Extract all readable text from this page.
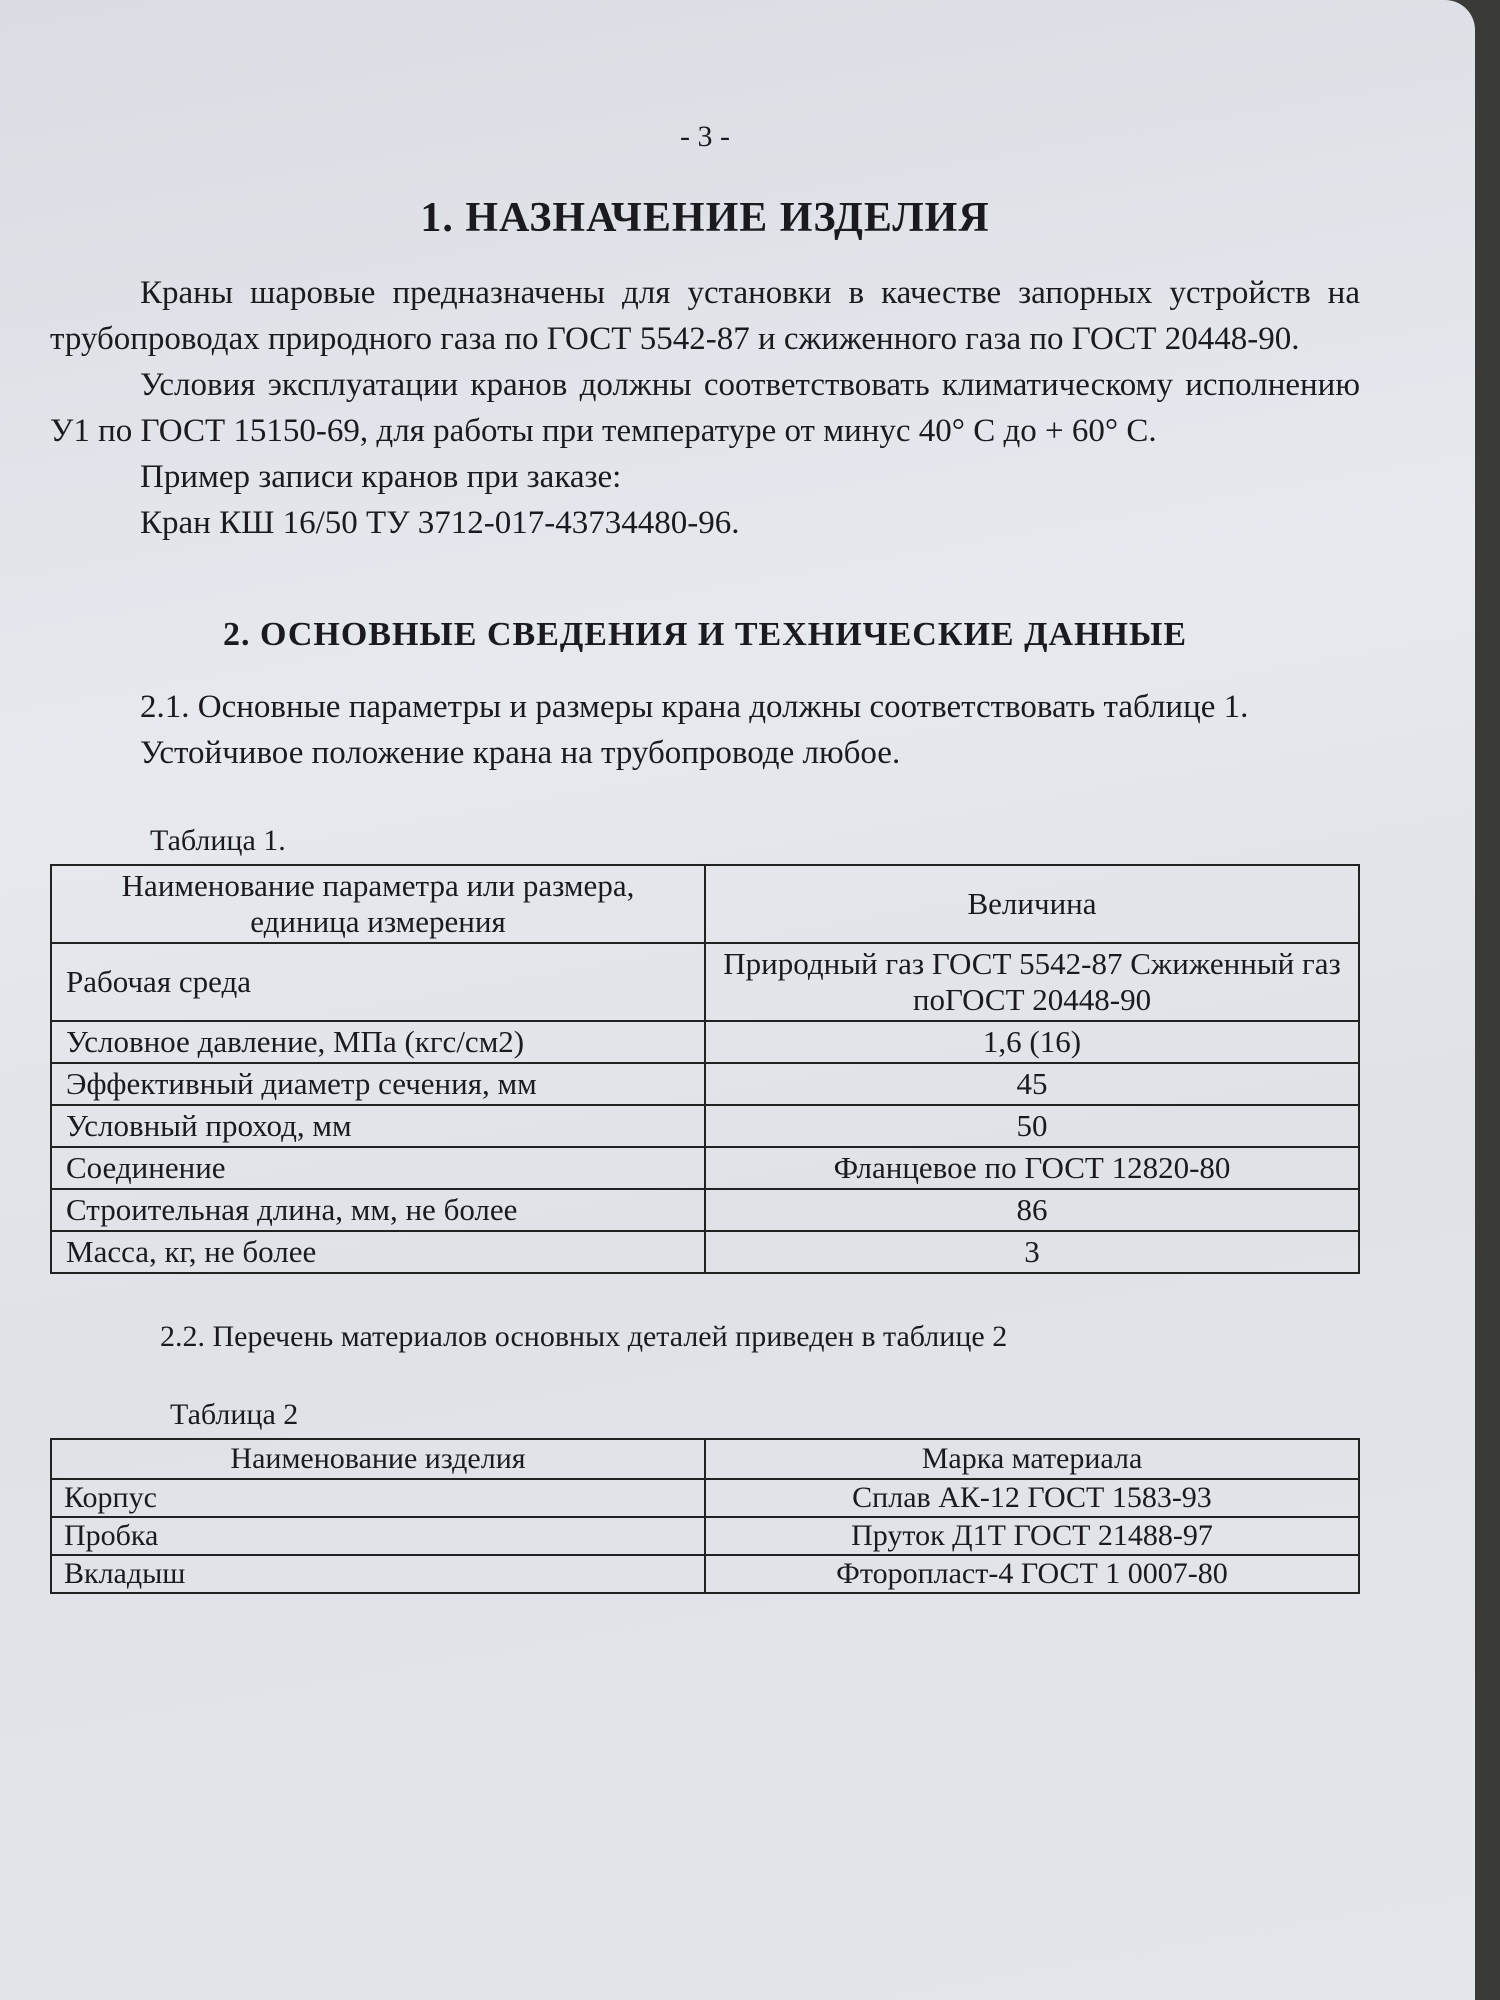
- 3 -
1. НАЗНАЧЕНИЕ ИЗДЕЛИЯ

Краны шаровые предназначены для установки в качестве запорных устройств на трубопроводах природного газа по ГОСТ 5542-87 и сжиженного газа по ГОСТ 20448-90.

Условия эксплуатации кранов должны соответствовать климатическому исполнению У1 по ГОСТ 15150-69, для работы при температуре от минус 40° С до + 60° С.

Пример записи кранов при заказе:

Кран КШ 16/50 ТУ 3712-017-43734480-96.

2. ОСНОВНЫЕ СВЕДЕНИЯ И ТЕХНИЧЕСКИЕ ДАННЫЕ

2.1. Основные параметры и размеры крана должны соответствовать таблице 1.

Устойчивое положение крана на трубопроводе любое.

Таблица 1.
Наименование параметра или размера, единица измерения	Величина
Рабочая среда	Природный газ ГОСТ 5542-87 Сжиженный газ поГОСТ 20448-90
Условное давление, МПа (кгс/см2)	1,6 (16)
Эффективный диаметр сечения, мм	45
Условный проход, мм	50
Соединение	Фланцевое по ГОСТ 12820-80
Строительная длина, мм, не более	86
Масса, кг, не более	3

2.2. Перечень материалов основных деталей приведен в таблице 2

Таблица 2
Наименование изделия	Марка материала
Корпус	Сплав АК-12 ГОСТ 1583-93
Пробка	Пруток Д1Т ГОСТ 21488-97
Вкладыш	Фторопласт-4 ГОСТ 1 0007-80
